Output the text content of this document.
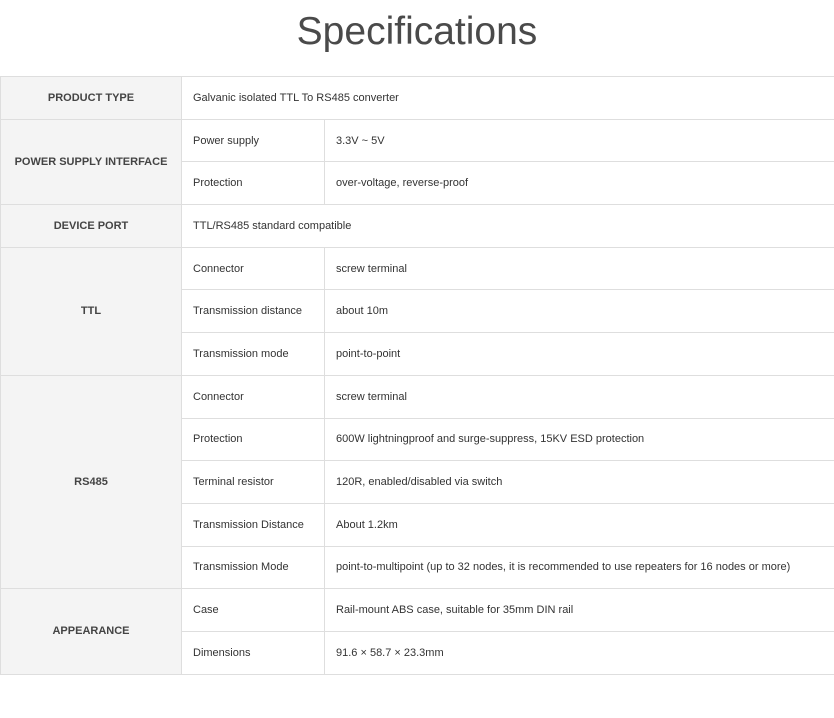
Specifications
PRODUCT TYPE	Galvanic isolated TTL To RS485 converter	
POWER SUPPLY INTERFACE	Power supply	3.3V ~ 5V
	Protection	over-voltage, reverse-proof
DEVICE PORT	TTL/RS485 standard compatible	
TTL	Connector	screw terminal
	Transmission distance	about 10m
	Transmission mode	point-to-point
RS485	Connector	screw terminal
	Protection	600W lightningproof and surge-suppress, 15KV ESD protection
	Terminal resistor	120R, enabled/disabled via switch
	Transmission Distance	About 1.2km
	Transmission Mode	point-to-multipoint (up to 32 nodes, it is recommended to use repeaters for 16 nodes or more)
APPEARANCE	Case	Rail-mount ABS case, suitable for 35mm DIN rail
	Dimensions	91.6 × 58.7 × 23.3mm
